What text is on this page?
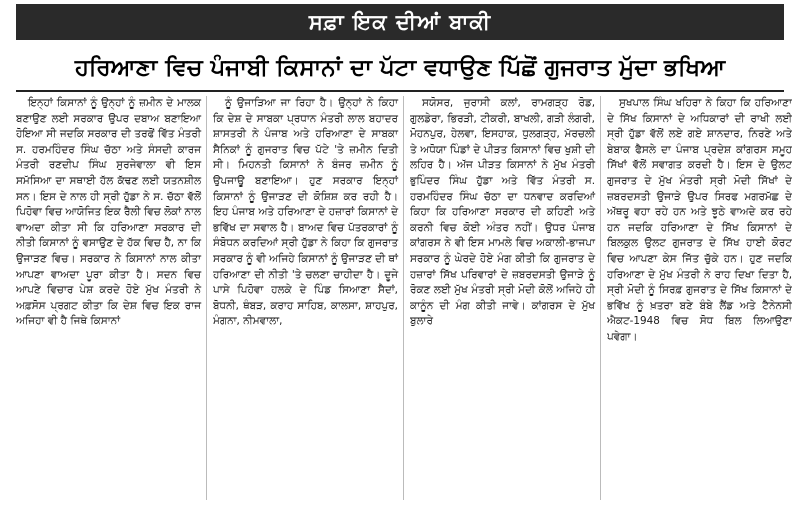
ਸਫ਼ਾ ਇਕ ਦੀਆਂ ਬਾਕੀ
ਹਰਿਆਣਾ ਵਿਚ ਪੰਜਾਬੀ ਕਿਸਾਨਾਂ ਦਾ ਪੱਟਾ ਵਧਾਉਣ ਪਿੱਛੋਂ ਗੁਜਰਾਤ ਮੁੱਦਾ ਭਖਿਆ

ਇਨ੍ਹਾਂ ਕਿਸਾਨਾਂ ਨੂੰ ਉਨ੍ਹਾਂ ਨੂੰ ਜ਼ਮੀਨ ਦੇ ਮਾਲਕ ਬਣਾਉਣ ਲਈ ਸਰਕਾਰ ਉਪਰ ਦਬਾਅ ਬਣਾਇਆ ਹੋਇਆ ਸੀ ਜਦਕਿ ਸਰਕਾਰ ਦੀ ਤਰਫੋਂ ਵਿੱਤ ਮੰਤਰੀ ਸ. ਹਰਮਹਿੰਦਰ ਸਿੰਘ ਚੱਠਾ ਅਤੇ ਸੰਸਦੀ ਕਾਰਜ ਮੰਤਰੀ ਰਣਦੀਪ ਸਿੰਘ ਸੁਰਜੇਵਾਲਾ ਵੀ ਇਸ ਸਮੱਸਿਆ ਦਾ ਸਥਾਈ ਹੱਲ ਕੱਢਣ ਲਈ ਯਤਨਸ਼ੀਲ ਸਨ। ਇਸ ਦੇ ਨਾਲ ਹੀ ਸ੍ਰੀ ਹੁੱਡਾ ਨੇ ਸ. ਚੱਠਾ ਵੱਲੋਂ ਪਿਹੋਵਾ ਵਿਚ ਆਯੋਜਿਤ ਇਕ ਰੈਲੀ ਵਿਚ ਲੋਕਾਂ ਨਾਲ ਵਾਅਦਾ ਕੀਤਾ ਸੀ ਕਿ ਹਰਿਆਣਾ ਸਰਕਾਰ ਦੀ ਨੀਤੀ ਕਿਸਾਨਾਂ ਨੂੰ ਵਸਾਉਣ ਦੇ ਹੱਕ ਵਿਚ ਹੈ, ਨਾ ਕਿ ਉਜਾੜਣ ਵਿਚ। ਸਰਕਾਰ ਨੇ ਕਿਸਾਨਾਂ ਨਾਲ ਕੀਤਾ ਆਪਣਾ ਵਾਅਦਾ ਪੂਰਾ ਕੀਤਾ ਹੈ। ਸਦਨ ਵਿਚ ਆਪਣੇ ਵਿਚਾਰ ਪੇਸ਼ ਕਰਦੇ ਹੋਏ ਮੁੱਖ ਮੰਤਰੀ ਨੇ ਅਫ਼ਸੋਸ ਪ੍ਰਗਟ ਕੀਤਾ ਕਿ ਦੇਸ਼ ਵਿਚ ਇਕ ਰਾਜ ਅਜਿਹਾ ਵੀ ਹੈ ਜਿਥੇ ਕਿਸਾਨਾਂ

ਨੂੰ ਉਜਾੜਿਆ ਜਾ ਰਿਹਾ ਹੈ। ਉਨ੍ਹਾਂ ਨੇ ਕਿਹਾ ਕਿ ਦੇਸ਼ ਦੇ ਸਾਬਕਾ ਪ੍ਰਧਾਨ ਮੰਤਰੀ ਲਾਲ ਬਹਾਦਰ ਸ਼ਾਸਤਰੀ ਨੇ ਪੰਜਾਬ ਅਤੇ ਹਰਿਆਣਾ ਦੇ ਸਾਬਕਾ ਸੈਨਿਕਾਂ ਨੂੰ ਗੁਜਰਾਤ ਵਿਚ ਪੱਟੇ 'ਤੇ ਜ਼ਮੀਨ ਦਿਤੀ ਸੀ। ਮਿਹਨਤੀ ਕਿਸਾਨਾਂ ਨੇ ਬੰਜਰ ਜ਼ਮੀਨ ਨੂੰ ਉਪਜਾਊ ਬਣਾਇਆ। ਹੁਣ ਸਰਕਾਰ ਇਨ੍ਹਾਂ ਕਿਸਾਨਾਂ ਨੂੰ ਉਜਾੜਣ ਦੀ ਕੋਸ਼ਿਸ਼ ਕਰ ਰਹੀ ਹੈ। ਇਹ ਪੰਜਾਬ ਅਤੇ ਹਰਿਆਣਾ ਦੇ ਹਜ਼ਾਰਾਂ ਕਿਸਾਨਾਂ ਦੇ ਭਵਿੱਖ ਦਾ ਸਵਾਲ ਹੈ। ਬਾਅਦ ਵਿਚ ਪੱਤਰਕਾਰਾਂ ਨੂੰ ਸੰਬੋਧਨ ਕਰਦਿਆਂ ਸ੍ਰੀ ਹੁੱਡਾ ਨੇ ਕਿਹਾ ਕਿ ਗੁਜਰਾਤ ਸਰਕਾਰ ਨੂੰ ਵੀ ਅਜਿਹੇ ਕਿਸਾਨਾਂ ਨੂੰ ਉਜਾੜਣ ਦੀ ਥਾਂ ਹਰਿਆਣਾ ਦੀ ਨੀਤੀ 'ਤੇ ਚਲਣਾ ਚਾਹੀਦਾ ਹੈ। ਦੂਜੇ ਪਾਸੇ ਪਿਹੋਵਾ ਹਲਕੇ ਦੇ ਪਿੰਡ ਸਿਆਣਾ ਸੈਦਾਂ, ਬੋਧਨੀ, ਥੰਬੜ, ਕਰਾਹ ਸਾਹਿਬ, ਕਾਲਸਾ, ਸ਼ਾਹਪੁਰ, ਮੰਗਨਾ, ਨੀਮਵਾਲਾ,

ਸਯੋਸਰ, ਜੁਰਾਸੀ ਕਲਾਂ, ਰਾਮਗੜ੍ਹ ਰੋਡ, ਗੁਲਡੇਰਾ, ਭਿਰੜੀ, ਟੀਕਰੀ, ਬਾਖਲੀ, ਗੜੀ ਲੰਗਰੀ, ਮੋਹਨਪੁਰ, ਹੇਲਵਾ, ਇਸਹਾਕ, ਧੁਲਗੜ੍ਹ, ਮੱਰਚਲੀ ਤੇ ਅਧੋਯਾ ਪਿੰਡਾਂ ਦੇ ਪੀੜਤ ਕਿਸਾਨਾਂ ਵਿਚ ਖੁਸ਼ੀ ਦੀ ਲਹਿਰ ਹੈ। ਅੱਜ ਪੀੜਤ ਕਿਸਾਨਾਂ ਨੇ ਮੁੱਖ ਮੰਤਰੀ ਭੁਪਿੰਦਰ ਸਿੰਘ ਹੁੱਡਾ ਅਤੇ ਵਿੱਤ ਮੰਤਰੀ ਸ. ਹਰਮਹਿੰਦਰ ਸਿੰਘ ਚੱਠਾ ਦਾ ਧਨਵਾਦ ਕਰਦਿਆਂ ਕਿਹਾ ਕਿ ਹਰਿਆਣਾ ਸਰਕਾਰ ਦੀ ਕਹਿਣੀ ਅਤੇ ਕਰਨੀ ਵਿਚ ਕੋਈ ਅੰਤਰ ਨਹੀਂ। ਉਧਰ ਪੰਜਾਬ ਕਾਂਗਰਸ ਨੇ ਵੀ ਇਸ ਮਾਮਲੇ ਵਿਚ ਅਕਾਲੀ-ਭਾਜਪਾ ਸਰਕਾਰ ਨੂੰ ਘੇਰਦੇ ਹੋਏ ਮੰਗ ਕੀਤੀ ਕਿ ਗੁਜਰਾਤ ਦੇ ਹਜ਼ਾਰਾਂ ਸਿੱਖ ਪਰਿਵਾਰਾਂ ਦੇ ਜ਼ਬਰਦਸਤੀ ਉਜਾੜੇ ਨੂੰ ਰੋਕਣ ਲਈ ਮੁੱਖ ਮੰਤਰੀ ਸ੍ਰੀ ਮੋਦੀ ਕੋਲੋਂ ਅਜਿਹੇ ਹੀ ਕਾਨੂੰਨ ਦੀ ਮੰਗ ਕੀਤੀ ਜਾਵੇ। ਕਾਂਗਰਸ ਦੇ ਮੁੱਖ ਬੁਲਾਰੇ

ਸੁਖਪਾਲ ਸਿੰਘ ਖਹਿਰਾ ਨੇ ਕਿਹਾ ਕਿ ਹਰਿਆਣਾ ਦੇ ਸਿੱਖ ਕਿਸਾਨਾਂ ਦੇ ਅਧਿਕਾਰਾਂ ਦੀ ਰਾਖੀ ਲਈ ਸ੍ਰੀ ਹੁੱਡਾ ਵੱਲੋਂ ਲਏ ਗਏ ਸ਼ਾਨਦਾਰ, ਨਿਰਣੇ ਅਤੇ ਬੇਬਾਕ ਫੈਸਲੇ ਦਾ ਪੰਜਾਬ ਪ੍ਰਦੇਸ਼ ਕਾਂਗਰਸ ਸਮੂਹ ਸਿੱਖਾਂ ਵੱਲੋਂ ਸਵਾਗਤ ਕਰਦੀ ਹੈ। ਇਸ ਦੇ ਉਲਟ ਗੁਜਰਾਤ ਦੇ ਮੁੱਖ ਮੰਤਰੀ ਸ੍ਰੀ ਮੋਦੀ ਸਿੱਖਾਂ ਦੇ ਜ਼ਬਰਦਸਤੀ ਉਜਾੜੇ ਉਪਰ ਸਿਰਫ ਮਗਰਮੱਛ ਦੇ ਅੱਥਰੂ ਵਹਾ ਰਹੇ ਹਨ ਅਤੇ ਝੂਠੇ ਵਾਅਦੇ ਕਰ ਰਹੇ ਹਨ ਜਦਕਿ ਹਰਿਆਣਾ ਦੇ ਸਿੱਖ ਕਿਸਾਨਾਂ ਦੇ ਬਿਲਕੁਲ ਉਲਟ ਗੁਜਰਾਤ ਦੇ ਸਿੱਖ ਹਾਈ ਕੋਰਟ ਵਿਚ ਆਪਣਾ ਕੇਸ ਜਿੱਤ ਚੁੱਕੇ ਹਨ। ਹੁਣ ਜਦਕਿ ਹਰਿਆਣਾ ਦੇ ਮੁੱਖ ਮੰਤਰੀ ਨੇ ਰਾਹ ਦਿਖਾ ਦਿਤਾ ਹੈ, ਸ੍ਰੀ ਮੋਦੀ ਨੂੰ ਸਿਰਫ਼ ਗੁਜਰਾਤ ਦੇ ਸਿੱਖ ਕਿਸਾਨਾਂ ਦੇ ਭਵਿੱਖ ਨੂੰ ਖ਼ਤਰਾ ਬਣੇ ਬੰਬੇ ਲੈਂਡ ਅਤੇ ਟੈਨੇਨਸੀ ਐਕਟ-1948 ਵਿਚ ਸੋਧ ਬਿਲ ਲਿਆਉਣਾ ਪਵੇਗਾ।
